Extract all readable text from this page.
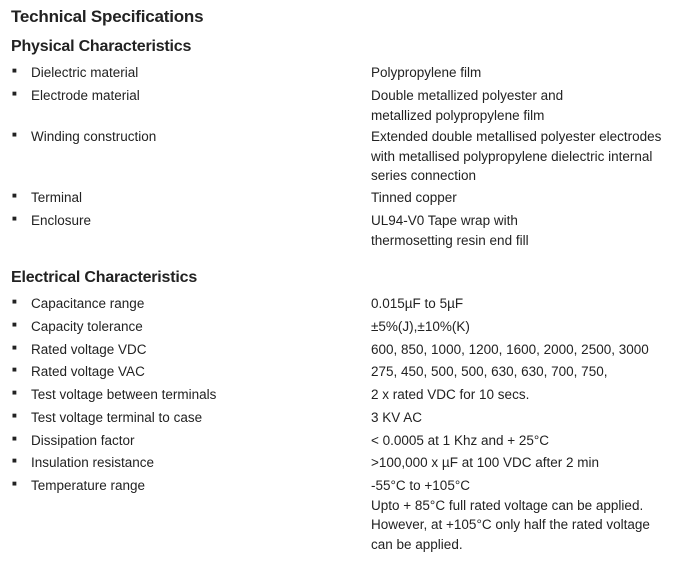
Technical Specifications
Physical Characteristics
■ Dielectric material	Polypropylene film
■ Electrode material	Double metallized polyester and
metallized polypropylene film
■ Winding construction	Extended double metallised polyester electrodes
with metallised polypropylene dielectric internal
series connection
■ Terminal	Tinned copper
■ Enclosure	UL94-V0 Tape wrap with
thermosetting resin end fill
Electrical Characteristics
■ Capacitance range	0.015µF to 5µF
■ Capacity tolerance	±5%(J),±10%(K)
■ Rated voltage VDC	600, 850, 1000, 1200, 1600, 2000, 2500, 3000
■ Rated voltage VAC	275, 450, 500, 500, 630, 630, 700, 750,
■ Test voltage between terminals	2 x rated VDC for 10 secs.
■ Test voltage terminal to case	3 KV AC
■ Dissipation factor	< 0.0005 at 1 Khz and + 25°C
■ Insulation resistance	>100,000 x µF at 100 VDC after 2 min
■ Temperature range	-55°C to +105°C
Upto + 85°C full rated voltage can be applied.
However, at +105°C only half the rated voltage
can be applied.
